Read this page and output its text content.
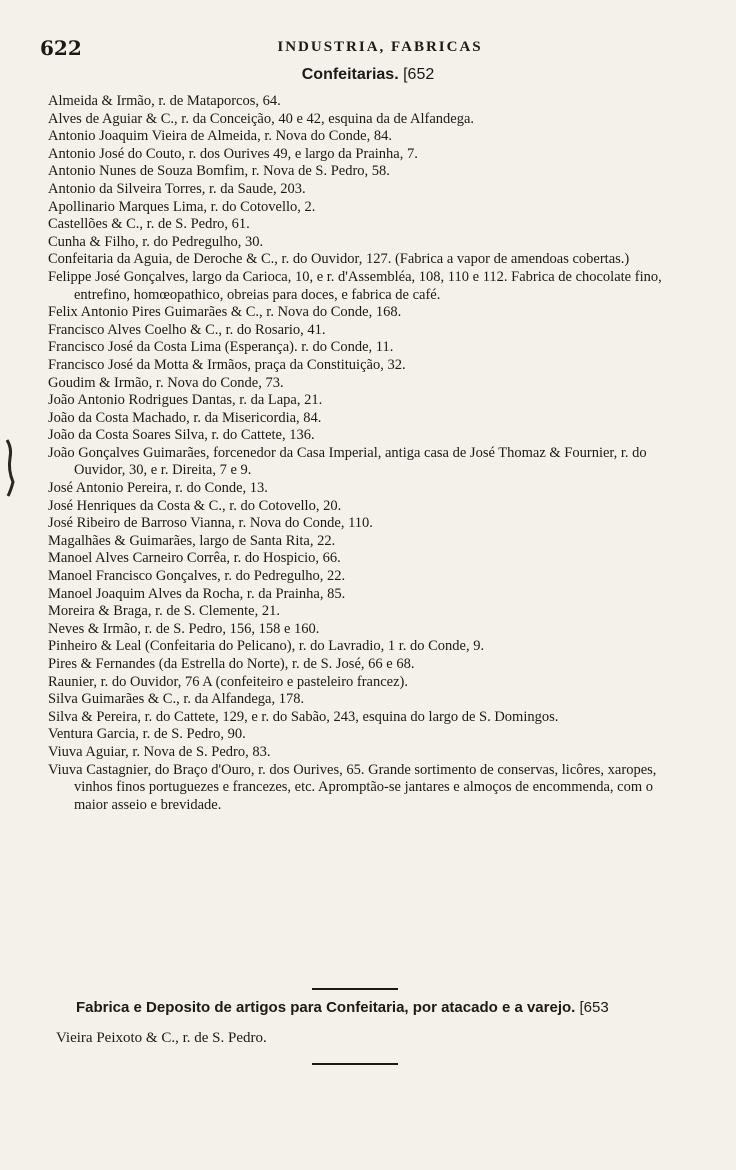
622	INDUSTRIA, FABRICAS
Confeitarias. [652

Almeida & Irmão, r. de Mataporcos, 64.

Alves de Aguiar & C., r. da Conceição, 40 e 42, esquina da de Alfandega.

Antonio Joaquim Vieira de Almeida, r. Nova do Conde, 84.

Antonio José do Couto, r. dos Ourives 49, e largo da Prainha, 7.

Antonio Nunes de Souza Bomfim, r. Nova de S. Pedro, 58.

Antonio da Silveira Torres, r. da Saude, 203.

Apollinario Marques Lima, r. do Cotovello, 2.

Castellões & C., r. de S. Pedro, 61.

Cunha & Filho, r. do Pedregulho, 30.

Confeitaria da Aguia, de Deroche & C., r. do Ouvidor, 127. (Fabrica a vapor de amendoas cobertas.)

Felippe José Gonçalves, largo da Carioca, 10, e r. d'Assembléa, 108, 110 e 112. Fabrica de chocolate fino, entrefino, homœopathico, obreias para doces, e fabrica de café.

Felix Antonio Pires Guimarães & C., r. Nova do Conde, 168.

Francisco Alves Coelho & C., r. do Rosario, 41.

Francisco José da Costa Lima (Esperança). r. do Conde, 11.

Francisco José da Motta & Irmãos, praça da Constituição, 32.

Goudim & Irmão, r. Nova do Conde, 73.

João Antonio Rodrigues Dantas, r. da Lapa, 21.

João da Costa Machado, r. da Misericordia, 84.

João da Costa Soares Silva, r. do Cattete, 136.

João Gonçalves Guimarães, forcenedor da Casa Imperial, antiga casa de José Thomaz & Fournier, r. do Ouvidor, 30, e r. Direita, 7 e 9.

José Antonio Pereira, r. do Conde, 13.

José Henriques da Costa & C., r. do Cotovello, 20.

José Ribeiro de Barroso Vianna, r. Nova do Conde, 110.

Magalhães & Guimarães, largo de Santa Rita, 22.

Manoel Alves Carneiro Corrêa, r. do Hospicio, 66.

Manoel Francisco Gonçalves, r. do Pedregulho, 22.

Manoel Joaquim Alves da Rocha, r. da Prainha, 85.

Moreira & Braga, r. de S. Clemente, 21.

Neves & Irmão, r. de S. Pedro, 156, 158 e 160.

Pinheiro & Leal (Confeitaria do Pelicano), r. do Lavradio, 1 r. do Conde, 9.

Pires & Fernandes (da Estrella do Norte), r. de S. José, 66 e 68.

Raunier, r. do Ouvidor, 76 A (confeiteiro e pasteleiro francez).

Silva Guimarães & C., r. da Alfandega, 178.

Silva & Pereira, r. do Cattete, 129, e r. do Sabão, 243, esquina do largo de S. Domingos.

Ventura Garcia, r. de S. Pedro, 90.

Viuva Aguiar, r. Nova de S. Pedro, 83.

Viuva Castagnier, do Braço d'Ouro, r. dos Ourives, 65. Grande sortimento de conservas, licôres, xaropes, vinhos finos portuguezes e francezes, etc. Apromptão-se jantares e almoços de encommenda, com o maior asseio e brevidade.

Fabrica e Deposito de artigos para Confeitaria, por atacado e a varejo. [653
Vieira Peixoto & C., r. de S. Pedro.
